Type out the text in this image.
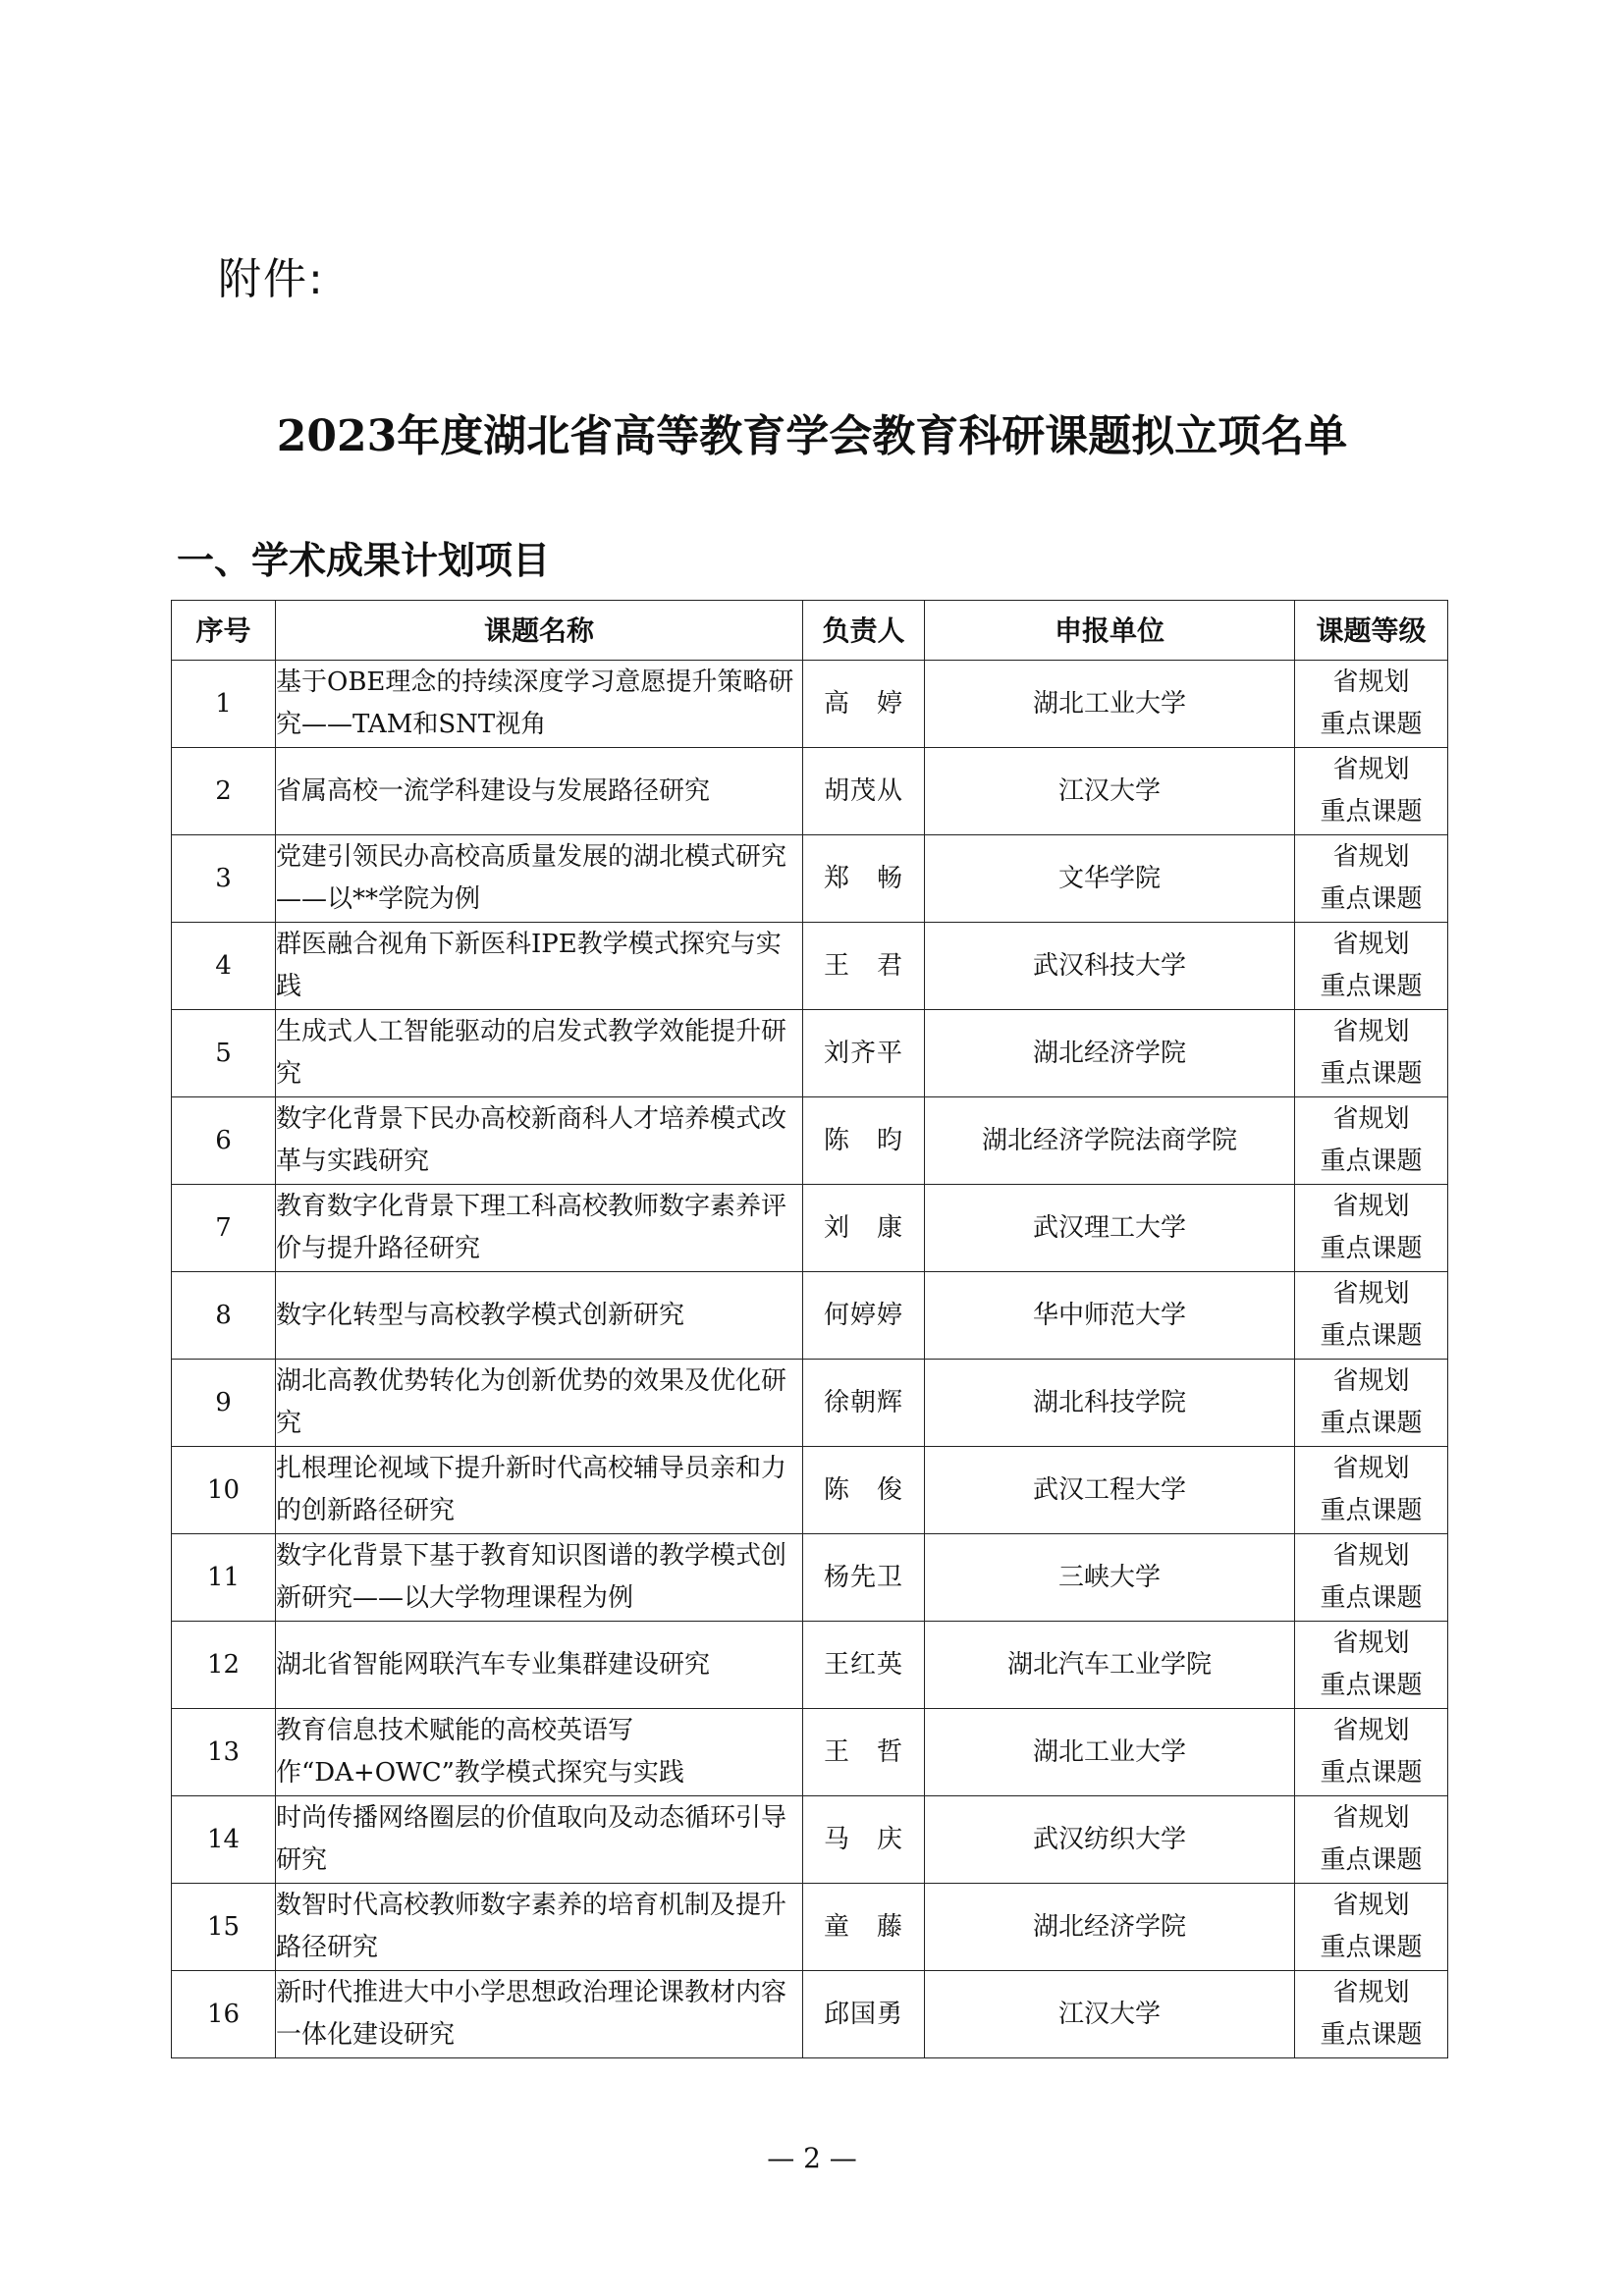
附件:
2023年度湖北省高等教育学会教育科研课题拟立项名单
一、学术成果计划项目
序号	课题名称	负责人	申报单位	课题等级
1	基于OBE理念的持续深度学习意愿提升策略研究——TAM和SNT视角	高　婷	湖北工业大学	省规划
重点课题

2	省属高校一流学科建设与发展路径研究	胡茂从	江汉大学	省规划
重点课题

3	党建引领民办高校高质量发展的湖北模式研究——以**学院为例	郑　畅	文华学院	省规划
重点课题

4	群医融合视角下新医科IPE教学模式探究与实践	王　君	武汉科技大学	省规划
重点课题

5	生成式人工智能驱动的启发式教学效能提升研究	刘齐平	湖北经济学院	省规划
重点课题

6	数字化背景下民办高校新商科人才培养模式改革与实践研究	陈　昀	湖北经济学院法商学院	省规划
重点课题

7	教育数字化背景下理工科高校教师数字素养评价与提升路径研究	刘　康	武汉理工大学	省规划
重点课题

8	数字化转型与高校教学模式创新研究	何婷婷	华中师范大学	省规划
重点课题

9	湖北高教优势转化为创新优势的效果及优化研究	徐朝辉	湖北科技学院	省规划
重点课题

10	扎根理论视域下提升新时代高校辅导员亲和力的创新路径研究	陈　俊	武汉工程大学	省规划
重点课题

11	数字化背景下基于教育知识图谱的教学模式创新研究——以大学物理课程为例	杨先卫	三峡大学	省规划
重点课题

12	湖北省智能网联汽车专业集群建设研究	王红英	湖北汽车工业学院	省规划
重点课题

13	教育信息技术赋能的高校英语写作“DA+OWC”教学模式探究与实践	王　哲	湖北工业大学	省规划
重点课题

14	时尚传播网络圈层的价值取向及动态循环引导研究	马　庆	武汉纺织大学	省规划
重点课题

15	数智时代高校教师数字素养的培育机制及提升路径研究	童　藤	湖北经济学院	省规划
重点课题

16	新时代推进大中小学思想政治理论课教材内容一体化建设研究	邱国勇	江汉大学	省规划
重点课题
— 2 —
